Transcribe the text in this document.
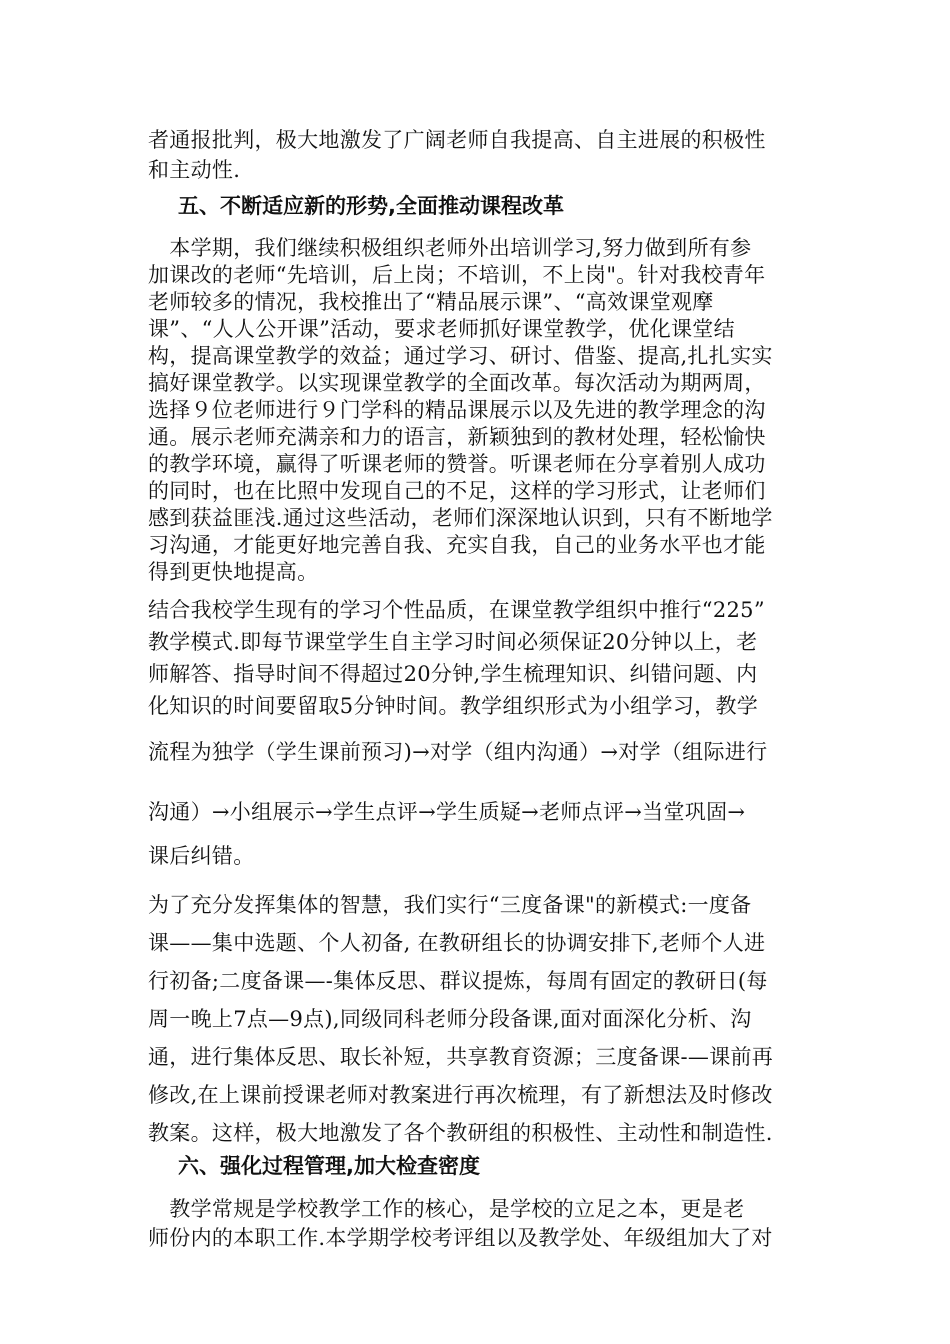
者通报批判，极大地激发了广阔老师自我提高、自主进展的积极性
和主动性.
五、不断适应新的形势,全面推动课程改革
　本学期，我们继续积极组织老师外出培训学习,努力做到所有参
加课改的老师“先培训，后上岗；不培训，不上岗"。针对我校青年
老师较多的情况，我校推出了“精品展示课”、“高效课堂观摩
课”、“人人公开课”活动，要求老师抓好课堂教学，优化课堂结
构，提高课堂教学的效益；通过学习、研讨、借鉴、提高,扎扎实实
搞好课堂教学。以实现课堂教学的全面改革。每次活动为期两周，
选择９位老师进行９门学科的精品课展示以及先进的教学理念的沟
通。展示老师充满亲和力的语言，新颖独到的教材处理，轻松愉快
的教学环境，赢得了听课老师的赞誉。听课老师在分享着别人成功
的同时，也在比照中发现自己的不足，这样的学习形式，让老师们
感到获益匪浅.通过这些活动，老师们深深地认识到，只有不断地学
习沟通，才能更好地完善自我、充实自我，自己的业务水平也才能
得到更快地提高。
结合我校学生现有的学习个性品质，在课堂教学组织中推行“225”
教学模式.即每节课堂学生自主学习时间必须保证20分钟以上，老
师解答、指导时间不得超过20分钟,学生梳理知识、纠错问题、内
化知识的时间要留取5分钟时间。教学组织形式为小组学习，教学
流程为独学（学生课前预习)→对学（组内沟通）→对学（组际进行
沟通）→小组展示→学生点评→学生质疑→老师点评→当堂巩固→
课后纠错。
为了充分发挥集体的智慧，我们实行“三度备课"的新模式:一度备
课——集中选题、个人初备, 在教研组长的协调安排下,老师个人进
行初备;二度备课—-集体反思、群议提炼，每周有固定的教研日(每
周一晚上7点—9点),同级同科老师分段备课,面对面深化分析、沟
通，进行集体反思、取长补短，共享教育资源；三度备课-—课前再
修改,在上课前授课老师对教案进行再次梳理，有了新想法及时修改
教案。这样，极大地激发了各个教研组的积极性、主动性和制造性.
六、强化过程管理,加大检查密度
　教学常规是学校教学工作的核心，是学校的立足之本，更是老
师份内的本职工作.本学期学校考评组以及教学处、年级组加大了对
